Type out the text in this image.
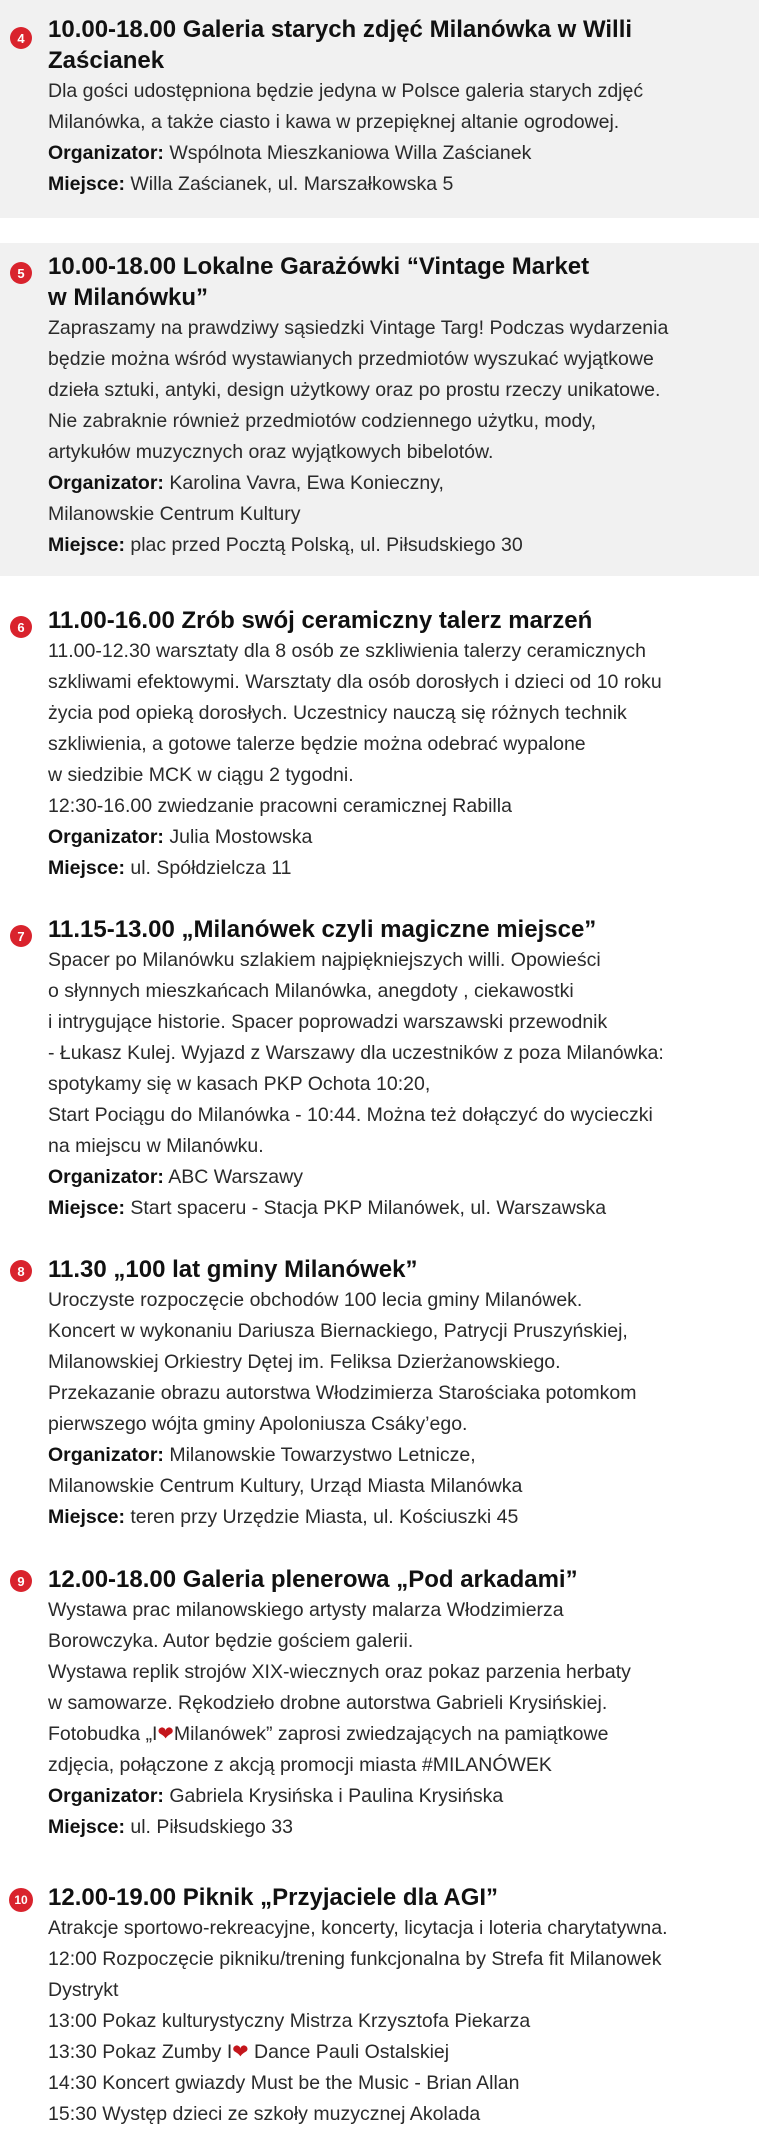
4 10.00-18.00 Galeria starych zdjęć Milanówka w Willi
Zaścianek
Dla gości udostępniona będzie jedyna w Polsce galeria starych zdjęć
Milanówka, a także ciasto i kawa w przepięknej altanie ogrodowej.
Organizator: Wspólnota Mieszkaniowa Willa Zaścianek
Miejsce: Willa Zaścianek, ul. Marszałkowska 5
5 10.00-18.00 Lokalne Garażówki “Vintage Market
w Milanówku”
Zapraszamy na prawdziwy sąsiedzki Vintage Targ! Podczas wydarzenia
będzie można wśród wystawianych przedmiotów wyszukać wyjątkowe
dzieła sztuki, antyki, design użytkowy oraz po prostu rzeczy unikatowe.
Nie zabraknie również przedmiotów codziennego użytku, mody,
artykułów muzycznych oraz wyjątkowych bibelotów.
Organizator: Karolina Vavra, Ewa Konieczny,
Milanowskie Centrum Kultury
Miejsce: plac przed Pocztą Polską, ul. Piłsudskiego 30
6 11.00-16.00 Zrób swój ceramiczny talerz marzeń
11.00-12.30 warsztaty dla 8 osób ze szkliwienia talerzy ceramicznych
szkliwami efektowymi. Warsztaty dla osób dorosłych i dzieci od 10 roku
życia pod opieką dorosłych. Uczestnicy nauczą się różnych technik
szkliwienia, a gotowe talerze będzie można odebrać wypalone
w siedzibie MCK w ciągu 2 tygodni.
12:30-16.00 zwiedzanie pracowni ceramicznej Rabilla
Organizator: Julia Mostowska
Miejsce: ul. Spółdzielcza 11
7 11.15-13.00 „Milanówek czyli magiczne miejsce”
Spacer po Milanówku szlakiem najpiękniejszych willi. Opowieści
o słynnych mieszkańcach Milanówka, anegdoty , ciekawostki
i intrygujące historie. Spacer poprowadzi warszawski przewodnik
- Łukasz Kulej. Wyjazd z Warszawy dla uczestników z poza Milanówka:
spotykamy się w kasach PKP Ochota 10:20,
Start Pociągu do Milanówka - 10:44. Można też dołączyć do wycieczki
na miejscu w Milanówku.
Organizator: ABC Warszawy
Miejsce: Start spaceru - Stacja PKP Milanówek, ul. Warszawska
8 11.30 „100 lat gminy Milanówek”
Uroczyste rozpoczęcie obchodów 100 lecia gminy Milanówek.
Koncert w wykonaniu Dariusza Biernackiego, Patrycji Pruszyńskiej,
Milanowskiej Orkiestry Dętej im. Feliksa Dzierżanowskiego.
Przekazanie obrazu autorstwa Włodzimierza Starościaka potomkom
pierwszego wójta gminy Apoloniusza Csáky’ego.
Organizator: Milanowskie Towarzystwo Letnicze,
Milanowskie Centrum Kultury, Urząd Miasta Milanówka
Miejsce: teren przy Urzędzie Miasta, ul. Kościuszki 45
9 12.00-18.00 Galeria plenerowa „Pod arkadami”
Wystawa prac milanowskiego artysty malarza Włodzimierza
Borowczyka. Autor będzie gościem galerii.
Wystawa replik strojów XIX-wiecznych oraz pokaz parzenia herbaty
w samowarze. Rękodzieło drobne autorstwa Gabrieli Krysińskiej.
Fotobudka „I❤Milanówek” zaprosi zwiedzających na pamiątkowe
zdjęcia, połączone z akcją promocji miasta #MILANÓWEK
Organizator: Gabriela Krysińska i Paulina Krysińska
Miejsce: ul. Piłsudskiego 33
10 12.00-19.00 Piknik „Przyjaciele dla AGI”
Atrakcje sportowo-rekreacyjne, koncerty, licytacja i loteria charytatywna.
12:00 Rozpoczęcie pikniku/trening funkcjonalna by Strefa fit Milanowek
Dystrykt
13:00 Pokaz kulturystyczny Mistrza Krzysztofa Piekarza
13:30 Pokaz Zumby I❤ Dance Pauli Ostalskiej
14:30 Koncert gwiazdy Must be the Music - Brian Allan
15:30 Występ dzieci ze szkoły muzycznej Akolada
